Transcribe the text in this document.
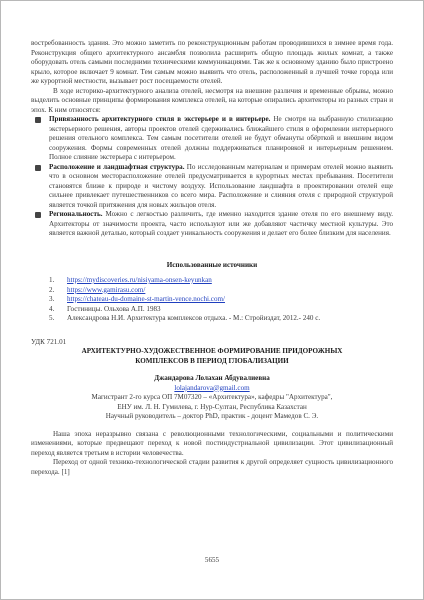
востребованность здания. Это можно заметить по реконструкционным работам проводившихся в зимнее время года. Реконструкция общего архитектурного ансамбля позволила расширить общую площадь жилых комнат, а также оборудовать отель самыми последними техническими коммуникациями. Так же к основному зданию было пристроено крыло, которое включает 9 комнат. Тем самым можно выявить что отель, расположенный в лучшей точке города или же курортной местности, вызывает рост посещаемости отелей.

В ходе историко-архитектурного анализа отелей, несмотря на внешние различия и временные обрывы, можно выделить основные принципы формирования комплекса отелей, на которые опирались архитекторы из разных стран и эпох. К ним относятся:

Привязанность архитектурного стиля в экстерьере и в интерьере. Не смотря на выбранную стилизацию экстерьерного решения, авторы проектов отелей сдерживались ближайшего стиля в оформлении интерьерного решения отельного комплекса. Тем самым посетители отелей не будут обмануты обёрткой и внешним видом сооружения. Формы современных отелей должны поддерживаться планировкой и интерьерным решением. Полное слияние экстерьера с интерьером.
Расположение и ландшафтная структура. По исследованным материалам и примерам отелей можно выявить что в основном месторасположение отелей предусматривается в курортных местах пребывания. Посетители становятся ближе к природе и чистому воздуху. Использование ландшафта в проектировании отелей еще сильнее привлекает путешественников со всего мира. Расположение и слияния отеля с природной структурой является точкой притяжения для новых жильцов отеля.
Региональность. Можно с легкостью различить, где именно находится здание отеля по его внешнему виду. Архитекторы от значимости проекта, часто используют или же добавляют частичку местной культуры. Это является важной деталью, который создает уникальность сооружения и делает его более близким для населения.

Использованные источники

1. https://mydiscoveries.ru/nisiyama-onsen-keyunkan
2. https://www.gamirasu.com/
3. https://chateau-du-domaine-st-martin-vence.nochi.com/
4. Гостиницы. Ольхова А.П. 1983
5. Александрова Н.И. Архитектура комплексов отдыха. - М.: Стройиздат, 2012.- 240 с.

УДК 721.01

АРХИТЕКТУРНО-ХУДОЖЕСТВЕННОЕ ФОРМИРОВАНИЕ ПРИДОРОЖНЫХ

КОМПЛЕКСОВ В ПЕРИОД ГЛОБАЛИЗАЦИИ

Джандарова Лолахан Абдувалиевна

lolajandarova@gmail.com

Магистрант 2-го курса ОП 7М07320 – «Архитектура», кафедры "Архитектура",

ЕНУ им. Л. Н. Гумилева, г. Нур-Султан, Республика Казахстан

Научный руководитель – доктор PhD, практик - доцент Мамедов С. Э.

Наша эпоха неразрывно связана с революционными технологическими, социальными и политическими изменениями, которые предвещают переход к новой постиндустриальной цивилизации. Этот цивилизационный переход является третьим в истории человечества.

Переход от одной технико-технологической стадии развития к другой определяет сущность цивилизационного перехода. [1]

5655
